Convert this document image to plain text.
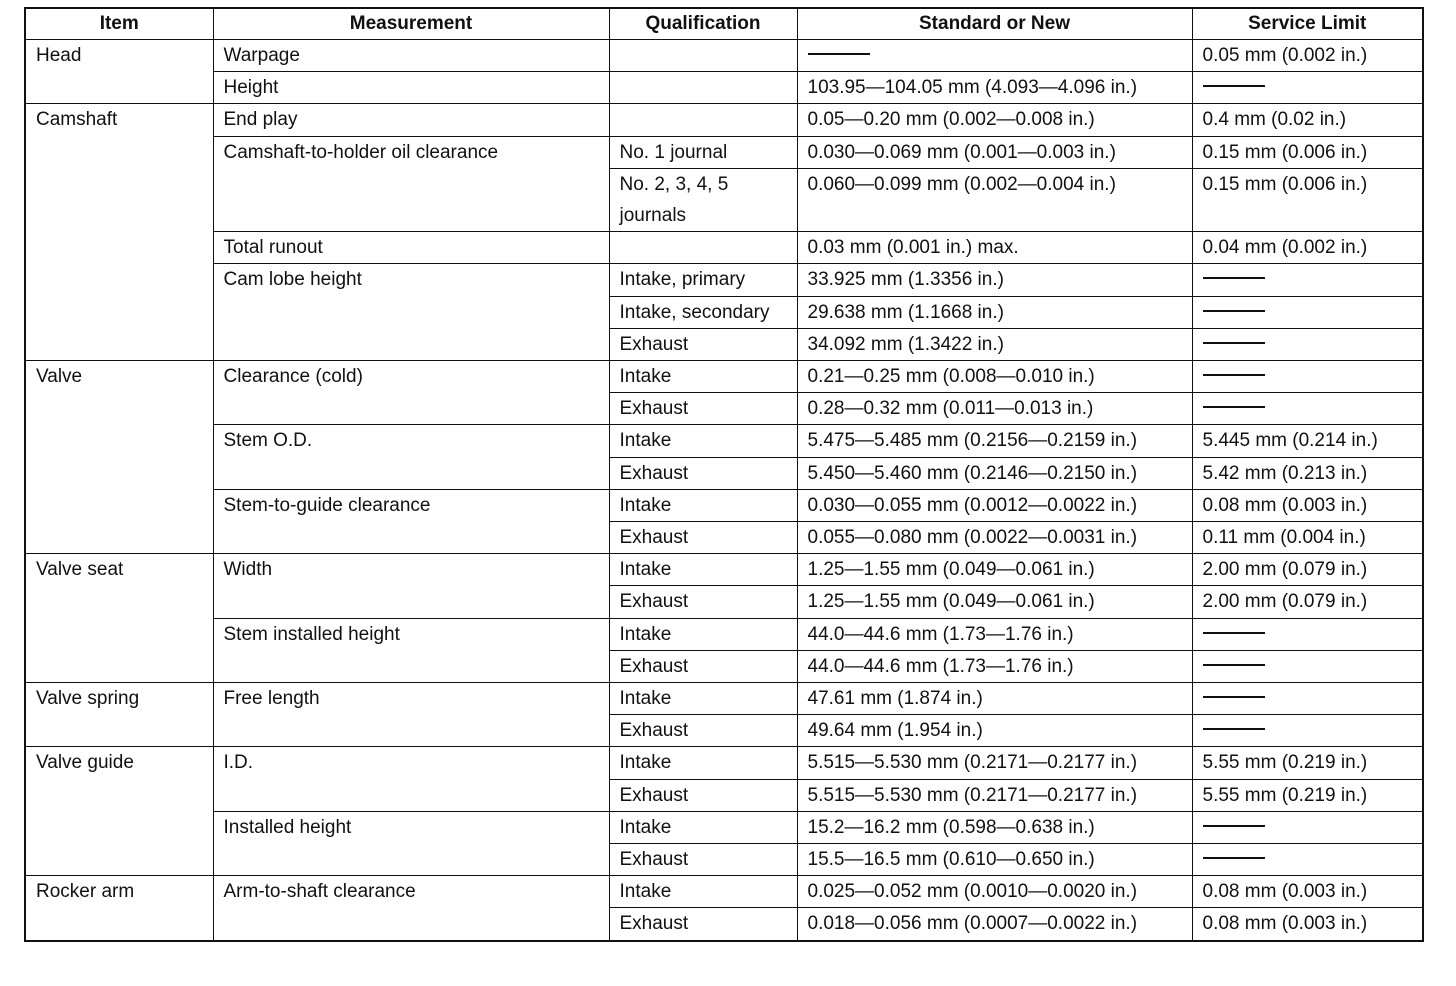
Item	Measurement	Qualification	Standard or New	Service Limit
Head	Warpage			0.05 mm (0.002 in.)
	Height		103.95—104.05 mm (4.093—4.096 in.)	
Camshaft	End play		0.05—0.20 mm (0.002—0.008 in.)	0.4 mm (0.02 in.)
	Camshaft-to-holder oil clearance	No. 1 journal	0.030—0.069 mm (0.001—0.003 in.)	0.15 mm (0.006 in.)
		No. 2, 3, 4, 5 journals	0.060—0.099 mm (0.002—0.004 in.)	0.15 mm (0.006 in.)
	Total runout		0.03 mm (0.001 in.) max.	0.04 mm (0.002 in.)
	Cam lobe height	Intake, primary	33.925 mm (1.3356 in.)	
		Intake, secondary	29.638 mm (1.1668 in.)	
		Exhaust	34.092 mm (1.3422 in.)	
Valve	Clearance (cold)	Intake	0.21—0.25 mm (0.008—0.010 in.)	
		Exhaust	0.28—0.32 mm (0.011—0.013 in.)	
	Stem O.D.	Intake	5.475—5.485 mm (0.2156—0.2159 in.)	5.445 mm (0.214 in.)
		Exhaust	5.450—5.460 mm (0.2146—0.2150 in.)	5.42 mm (0.213 in.)
	Stem-to-guide clearance	Intake	0.030—0.055 mm (0.0012—0.0022 in.)	0.08 mm (0.003 in.)
		Exhaust	0.055—0.080 mm (0.0022—0.0031 in.)	0.11 mm (0.004 in.)
Valve seat	Width	Intake	1.25—1.55 mm (0.049—0.061 in.)	2.00 mm (0.079 in.)
		Exhaust	1.25—1.55 mm (0.049—0.061 in.)	2.00 mm (0.079 in.)
	Stem installed height	Intake	44.0—44.6 mm (1.73—1.76 in.)	
		Exhaust	44.0—44.6 mm (1.73—1.76 in.)	
Valve spring	Free length	Intake	47.61 mm (1.874 in.)	
		Exhaust	49.64 mm (1.954 in.)	
Valve guide	I.D.	Intake	5.515—5.530 mm (0.2171—0.2177 in.)	5.55 mm (0.219 in.)
		Exhaust	5.515—5.530 mm (0.2171—0.2177 in.)	5.55 mm (0.219 in.)
	Installed height	Intake	15.2—16.2 mm (0.598—0.638 in.)	
		Exhaust	15.5—16.5 mm (0.610—0.650 in.)	
Rocker arm	Arm-to-shaft clearance	Intake	0.025—0.052 mm (0.0010—0.0020 in.)	0.08 mm (0.003 in.)
		Exhaust	0.018—0.056 mm (0.0007—0.0022 in.)	0.08 mm (0.003 in.)
